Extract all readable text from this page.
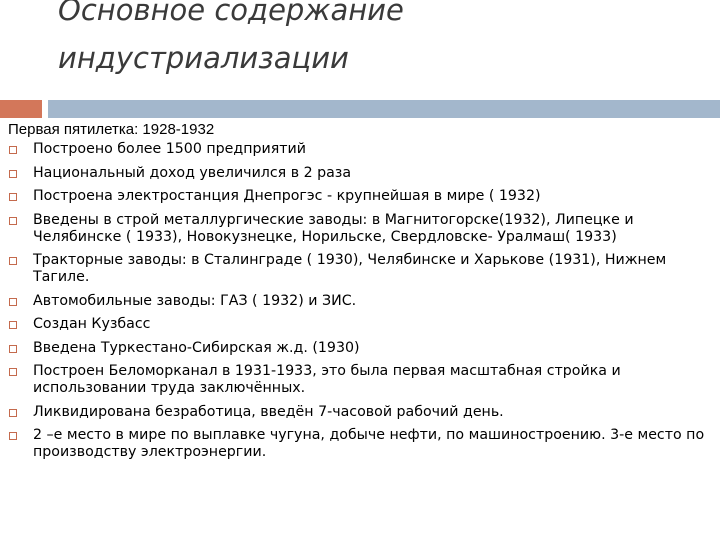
Основное содержание
индустриализации
Первая пятилетка: 1928-1932
Построено более 1500 предприятий
Национальный доход увеличился в 2 раза
Построена электростанция Днепрогэс - крупнейшая в мире ( 1932)
Введены в строй металлургические заводы: в Магнитогорске(1932), Липецке и Челябинске ( 1933), Новокузнецке, Норильске, Свердловске- Уралмаш( 1933)
Тракторные заводы: в Сталинграде ( 1930), Челябинске и Харькове (1931), Нижнем Тагиле.
Автомобильные заводы: ГАЗ ( 1932) и ЗИС.
Создан Кузбасс
Введена Туркестано-Сибирская ж.д. (1930)
Построен Беломорканал в 1931-1933, это была первая масштабная стройка и использовании труда заключённых.
Ликвидирована безработица, введён 7-часовой рабочий день.
2 –е место в мире по выплавке чугуна, добыче нефти, по машиностроению. 3-е место по производству электроэнергии.
